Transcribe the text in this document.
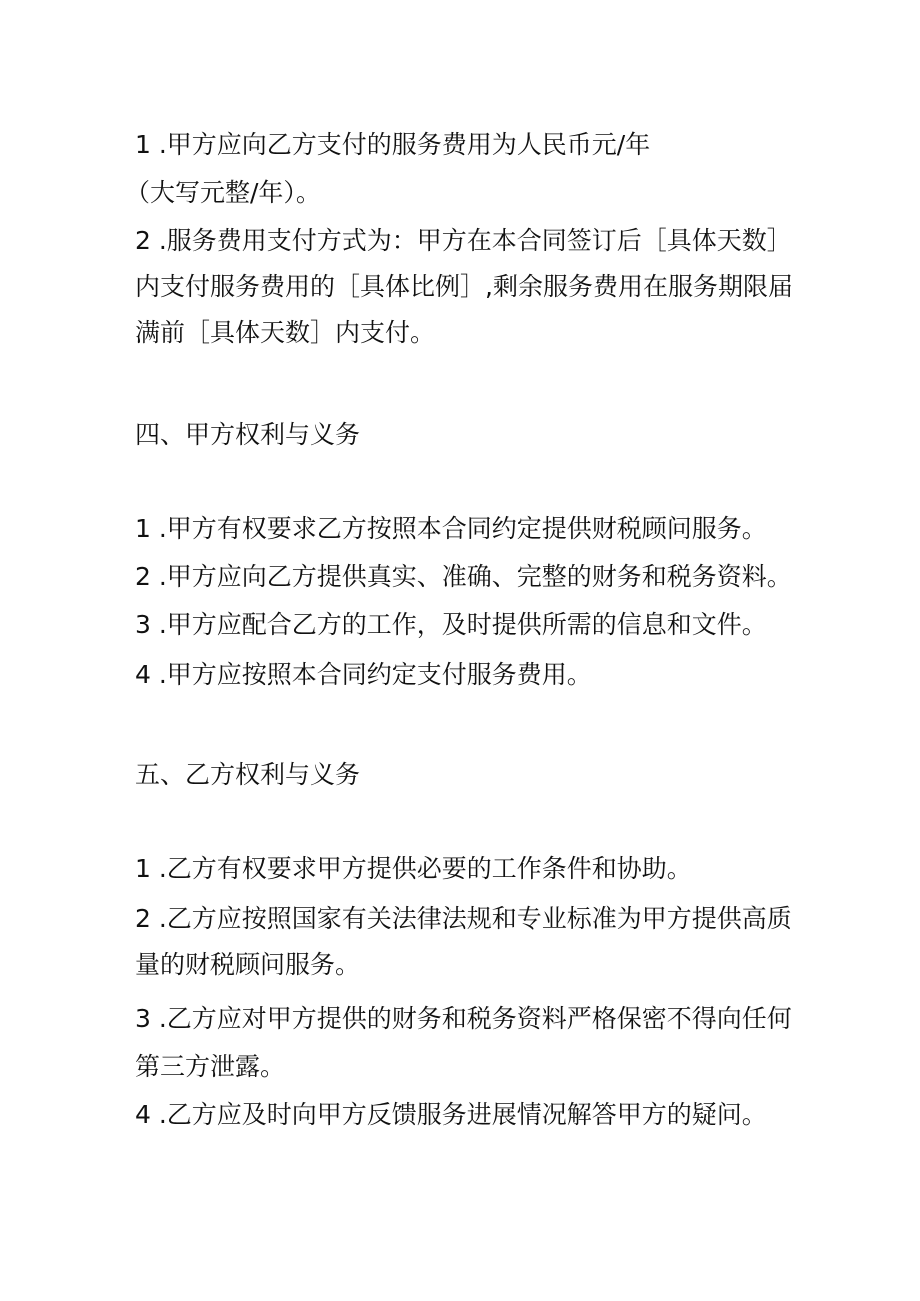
1 .甲方应向乙方支付的服务费用为人民币元/年
（大写元整/年）。
2 .服务费用支付方式为：甲方在本合同签订后［具体天数］
内支付服务费用的［具体比例］,剩余服务费用在服务期限届
满前［具体天数］内支付。
四、甲方权利与义务
1 .甲方有权要求乙方按照本合同约定提供财税顾问服务。
2 .甲方应向乙方提供真实、准确、完整的财务和税务资料。
3 .甲方应配合乙方的工作，及时提供所需的信息和文件。
4 .甲方应按照本合同约定支付服务费用。
五、乙方权利与义务
1 .乙方有权要求甲方提供必要的工作条件和协助。
2 .乙方应按照国家有关法律法规和专业标准为甲方提供高质
量的财税顾问服务。
3 .乙方应对甲方提供的财务和税务资料严格保密不得向任何
第三方泄露。
4 .乙方应及时向甲方反馈服务进展情况解答甲方的疑问。
